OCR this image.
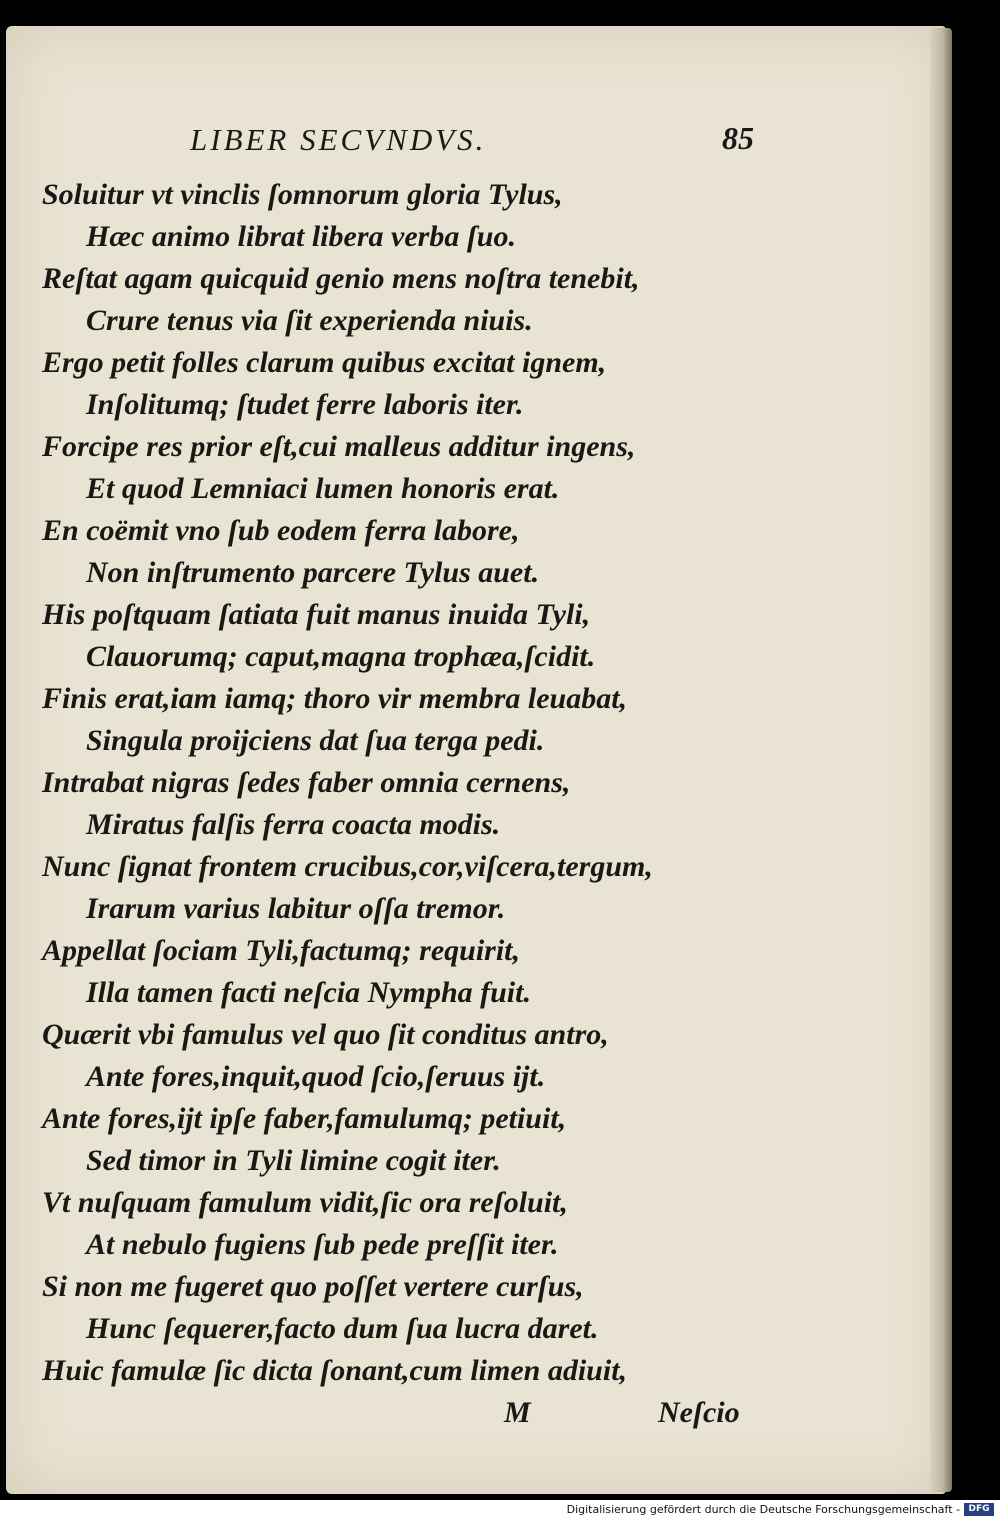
LIBER SECVNDVS.	85
Soluitur vt vinclis ſomnorum gloria Tylus,
Hæc animo librat libera verba ſuo.
Reſtat agam quicquid genio mens noſtra tenebit,
Crure tenus via ſit experienda niuis.
Ergo petit folles clarum quibus excitat ignem,
Inſolitumq; ſtudet ferre laboris iter.
Forcipe res prior eſt,cui malleus additur ingens,
Et quod Lemniaci lumen honoris erat.
En coëmit vno ſub eodem ferra labore,
Non inſtrumento parcere Tylus auet.
His poſtquam ſatiata fuit manus inuida Tyli,
Clauorumq; caput,magna trophæa,ſcidit.
Finis erat,iam iamq; thoro vir membra leuabat,
Singula proijciens dat ſua terga pedi.
Intrabat nigras ſedes faber omnia cernens,
Miratus falſis ferra coacta modis.
Nunc ſignat frontem crucibus,cor,viſcera,tergum,
Irarum varius labitur oſſa tremor.
Appellat ſociam Tyli,factumq; requirit,
Illa tamen facti neſcia Nympha fuit.
Quærit vbi famulus vel quo ſit conditus antro,
Ante fores,inquit,quod ſcio,ſeruus ijt.
Ante fores,ijt ipſe faber,famulumq; petiuit,
Sed timor in Tyli limine cogit iter.
Vt nuſquam famulum vidit,ſic ora reſoluit,
At nebulo fugiens ſub pede preſſit iter.
Si non me fugeret quo poſſet vertere curſus,
Hunc ſequerer,facto dum ſua lucra daret.
Huic famulæ ſic dicta ſonant,cum limen adiuit,
M	Neſcio
Digitalisierung gefördert durch die Deutsche Forschungsgemeinschaft - DFG
